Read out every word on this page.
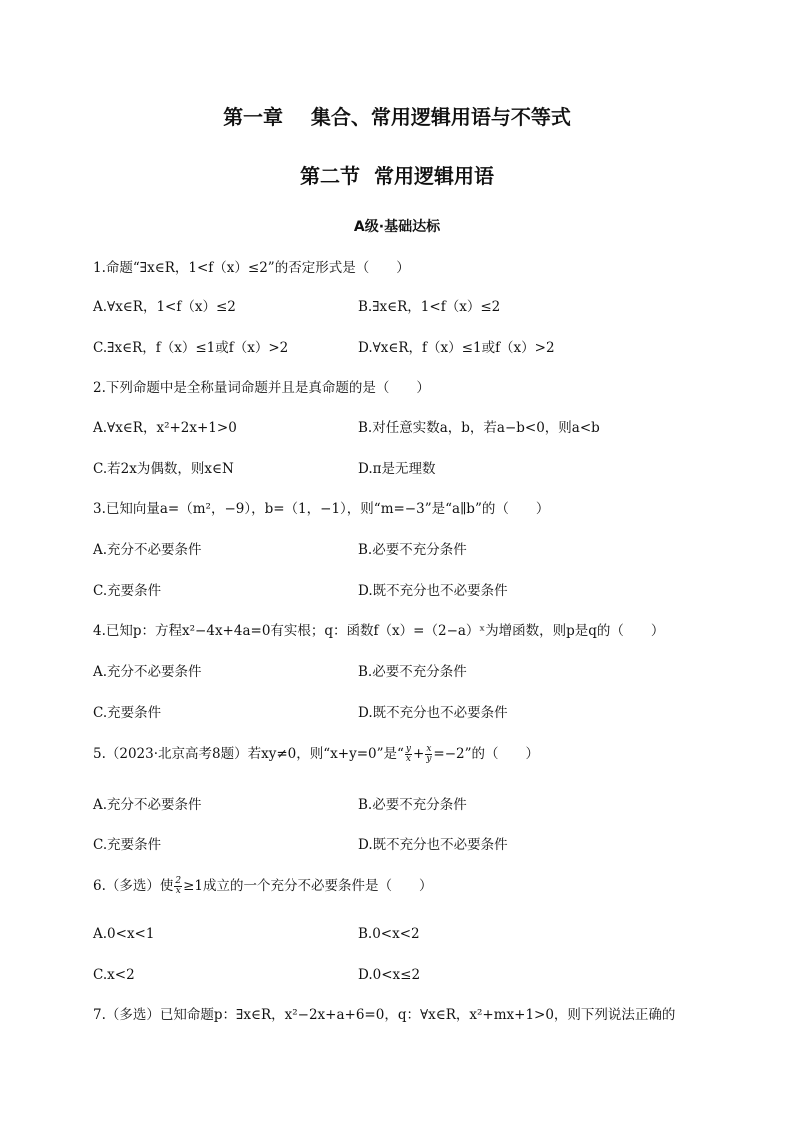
第一章    集合、常用逻辑用语与不等式
第二节  常用逻辑用语
A级·基础达标
1.命题“∃x∈R，1<f（x）≤2”的否定形式是（　　）
A.∀x∈R，1<f（x）≤2	B.∃x∈R，1<f（x）≤2
C.∃x∈R，f（x）≤1或f（x）>2	D.∀x∈R，f（x）≤1或f（x）>2
2.下列命题中是全称量词命题并且是真命题的是（　　）
A.∀x∈R，x²+2x+1>0	B.对任意实数a，b，若a−b<0，则a<b
C.若2x为偶数，则x∈N	D.π是无理数
3.已知向量a=（m²，−9），b=（1，−1），则“m=−3”是“a∥b”的（　　）
A.充分不必要条件	B.必要不充分条件
C.充要条件	D.既不充分也不必要条件
4.已知p：方程x²−4x+4a=0有实根；q：函数f（x）=（2−a）ˣ为增函数，则p是q的（　　）
A.充分不必要条件	B.必要不充分条件
C.充要条件	D.既不充分也不必要条件
5.（2023·北京高考8题）若xy≠0，则“x+y=0”是“ $\frac{y}{x} + \frac{x}{y} =-2$”的（　　）
A.充分不必要条件	B.必要不充分条件
C.充要条件	D.既不充分也不必要条件
6.（多选）使 $\frac{2}{x} \ge 1$成立的一个充分不必要条件是（　　）
A.0<x<1	B.0<x<2
C.x<2	D.0<x≤2
7.（多选）已知命题p：∃x∈R，x²−2x+a+6=0，q：∀x∈R，x²+mx+1>0，则下列说法正确的
